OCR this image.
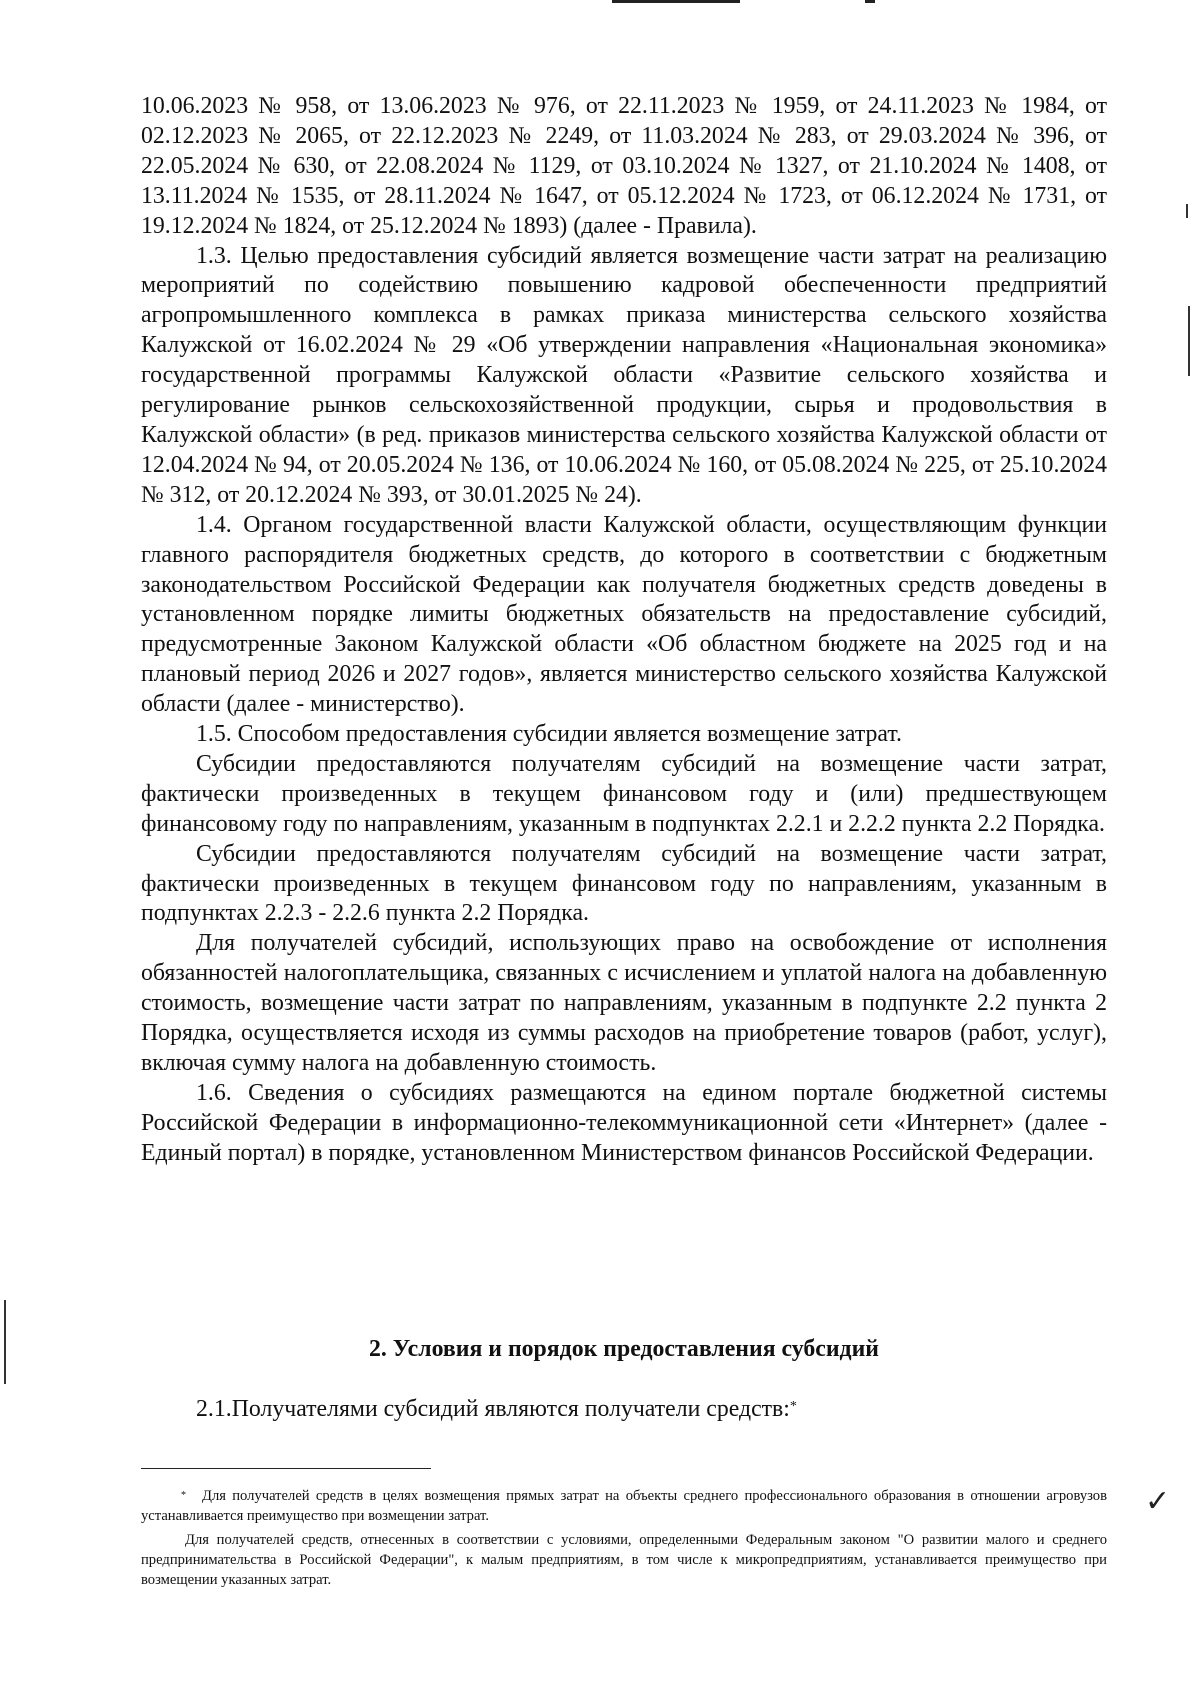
10.06.2023 № 958, от 13.06.2023 № 976, от 22.11.2023 № 1959, от 24.11.2023 № 1984, от 02.12.2023 № 2065, от 22.12.2023 № 2249, от 11.03.2024 № 283, от 29.03.2024 № 396, от 22.05.2024 № 630, от 22.08.2024 № 1129, от 03.10.2024 № 1327, от 21.10.2024 № 1408, от 13.11.2024 № 1535, от 28.11.2024 № 1647, от 05.12.2024 № 1723, от 06.12.2024 № 1731, от 19.12.2024 № 1824, от 25.12.2024 № 1893) (далее - Правила).

1.3. Целью предоставления субсидий является возмещение части затрат на реализацию мероприятий по содействию повышению кадровой обеспеченности предприятий агропромышленного комплекса в рамках приказа министерства сельского хозяйства Калужской от 16.02.2024 № 29 «Об утверждении направления «Национальная экономика» государственной программы Калужской области «Развитие сельского хозяйства и регулирование рынков сельскохозяйственной продукции, сырья и продовольствия в Калужской области» (в ред. приказов министерства сельского хозяйства Калужской области от 12.04.2024 № 94, от 20.05.2024 № 136, от 10.06.2024 № 160, от 05.08.2024 № 225, от 25.10.2024 № 312, от 20.12.2024 № 393, от 30.01.2025 № 24).

1.4. Органом государственной власти Калужской области, осуществляющим функции главного распорядителя бюджетных средств, до которого в соответствии с бюджетным законодательством Российской Федерации как получателя бюджетных средств доведены в установленном порядке лимиты бюджетных обязательств на предоставление субсидий, предусмотренные Законом Калужской области «Об областном бюджете на 2025 год и на плановый период 2026 и 2027 годов», является министерство сельского хозяйства Калужской области (далее - министерство).

1.5. Способом предоставления субсидии является возмещение затрат.

Субсидии предоставляются получателям субсидий на возмещение части затрат, фактически произведенных в текущем финансовом году и (или) предшествующем финансовому году по направлениям, указанным в подпунктах 2.2.1 и 2.2.2 пункта 2.2 Порядка.

Субсидии предоставляются получателям субсидий на возмещение части затрат, фактически произведенных в текущем финансовом году по направлениям, указанным в подпунктах 2.2.3 - 2.2.6 пункта 2.2 Порядка.

Для получателей субсидий, использующих право на освобождение от исполнения обязанностей налогоплательщика, связанных с исчислением и уплатой налога на добавленную стоимость, возмещение части затрат по направлениям, указанным в подпункте 2.2 пункта 2 Порядка, осуществляется исходя из суммы расходов на приобретение товаров (работ, услуг), включая сумму налога на добавленную стоимость.

1.6. Сведения о субсидиях размещаются на едином портале бюджетной системы Российской Федерации в информационно-телекоммуникационной сети «Интернет» (далее - Единый портал) в порядке, установленном Министерством финансов Российской Федерации.

2. Условия и порядок предоставления субсидий
2.1.Получателями субсидий являются получатели средств:*

* Для получателей средств в целях возмещения прямых затрат на объекты среднего профессионального образования в отношении агровузов устанавливается преимущество при возмещении затрат.

Для получателей средств, отнесенных в соответствии с условиями, определенными Федеральным законом "О развитии малого и среднего предпринимательства в Российской Федерации", к малым предприятиям, в том числе к микропредприятиям, устанавливается преимущество при возмещении указанных затрат.

✓
